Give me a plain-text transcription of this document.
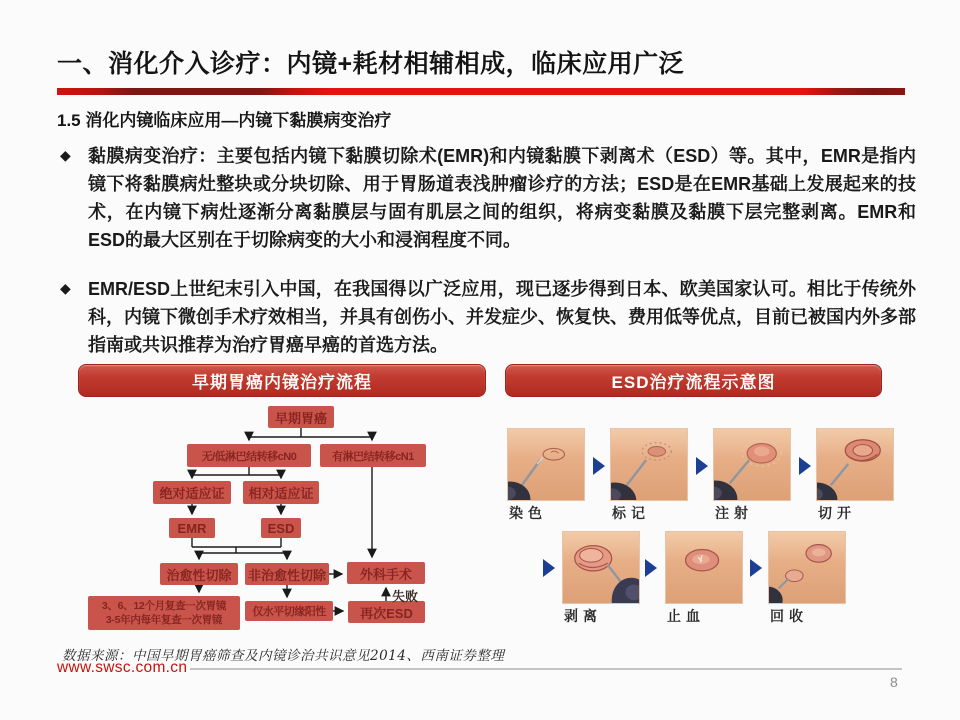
一、消化介入诊疗：内镜+耗材相辅相成，临床应用广泛
1.5 消化内镜临床应用—内镜下黏膜病变治疗
◆ 黏膜病变治疗：主要包括内镜下黏膜切除术(EMR)和内镜黏膜下剥离术（ESD）等。其中，EMR是指内镜下将黏膜病灶整块或分块切除、用于胃肠道表浅肿瘤诊疗的方法；ESD是在EMR基础上发展起来的技术，在内镜下病灶逐渐分离黏膜层与固有肌层之间的组织，将病变黏膜及黏膜下层完整剥离。EMR和ESD的最大区别在于切除病变的大小和浸润程度不同。
◆ EMR/ESD上世纪末引入中国，在我国得以广泛应用，现已逐步得到日本、欧美国家认可。相比于传统外科，内镜下微创手术疗效相当，并具有创伤小、并发症少、恢复快、费用低等优点，目前已被国内外多部指南或共识推荐为治疗胃癌早癌的首选方法。
早期胃癌内镜治疗流程	ESD治疗流程示意图
早期胃癌
无/低淋巴结转移cN0	有淋巴结转移cN1
绝对适应证	相对适应证
EMR	ESD
治愈性切除	非治愈性切除	外科手术
3、6、12个月复查一次胃镜
3-5年内每年复查一次胃镜
仅水平切缘阳性	再次ESD
失败
染色	标记	注射	切开
剥离	止血	回收
数据来源：中国早期胃癌筛查及内镜诊治共识意见2014、西南证券整理
www.swsc.com.cn
8
